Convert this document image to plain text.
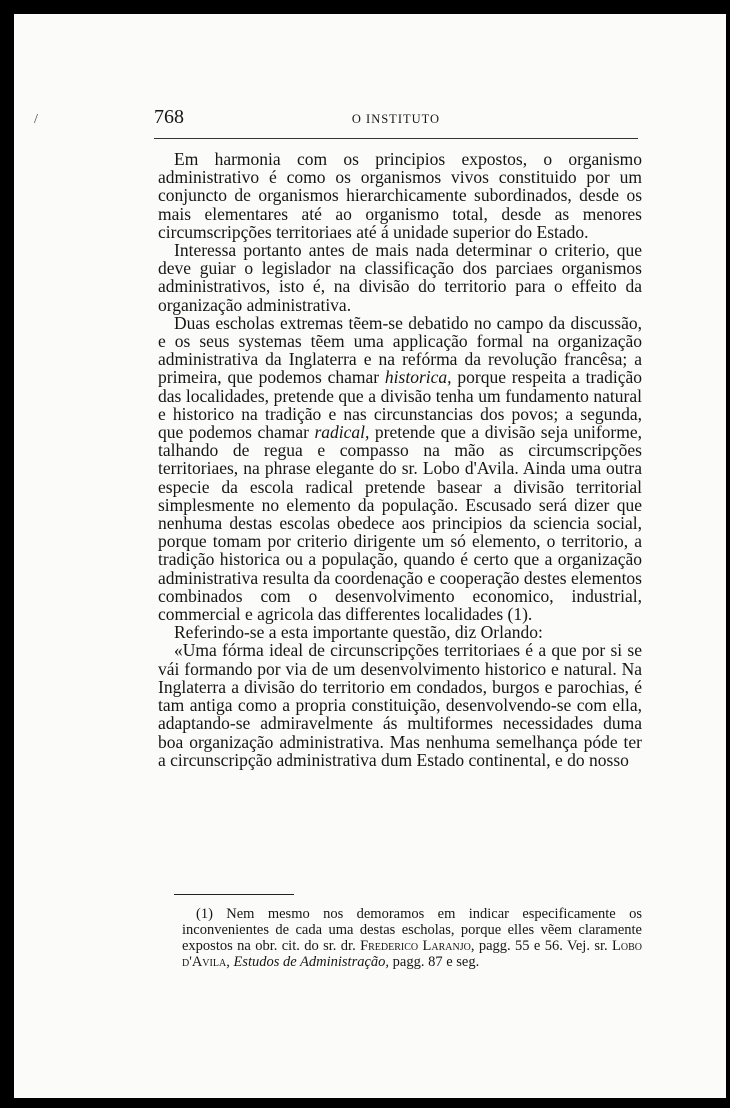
/	768	O INSTITUTO

Em harmonia com os principios expostos, o organismo administrativo é como os organismos vivos constituido por um conjuncto de organismos hierarchicamente subordinados, desde os mais elementares até ao organismo total, desde as menores circumscripções territoriaes até á unidade superior do Estado.

Interessa portanto antes de mais nada determinar o criterio, que deve guiar o legislador na classificação dos parciaes organismos administrativos, isto é, na divisão do territorio para o effeito da organização administrativa.

Duas escholas extremas tẽem-se debatido no campo da discussão, e os seus systemas tẽem uma applicação formal na organização administrativa da Inglaterra e na refórma da revolução francêsa; a primeira, que podemos chamar historica, porque respeita a tradição das localidades, pretende que a divisão tenha um fundamento natural e historico na tradição e nas circunstancias dos povos; a segunda, que podemos chamar radical, pretende que a divisão seja uniforme, talhando de regua e compasso na mão as circumscripções territoriaes, na phrase elegante do sr. Lobo d'Avila. Ainda uma outra especie da escola radical pretende basear a divisão territorial simplesmente no elemento da população. Escusado será dizer que nenhuma destas escolas obedece aos principios da sciencia social, porque tomam por criterio dirigente um só elemento, o territorio, a tradição historica ou a população, quando é certo que a organização administrativa resulta da coordenação e cooperação destes elementos combinados com o desenvolvimento economico, industrial, commercial e agricola das differentes localidades (1).

Referindo-se a esta importante questão, diz Orlando:

«Uma fórma ideal de circunscripções territoriaes é a que por si se vái formando por via de um desenvolvimento historico e natural. Na Inglaterra a divisão do territorio em condados, burgos e parochias, é tam antiga como a propria constituição, desenvolvendo-se com ella, adaptando-se admiravelmente ás multiformes necessidades duma boa organização administrativa. Mas nenhuma semelhança póde ter a circunscripção administrativa dum Estado continental, e do nosso

(1) Nem mesmo nos demoramos em indicar especificamente os inconvenientes de cada uma destas escholas, porque elles vẽem claramente expostos na obr. cit. do sr. dr. Frederico Laranjo, pagg. 55 e 56. Vej. sr. Lobo d'Avila, Estudos de Administração, pagg. 87 e seg.
